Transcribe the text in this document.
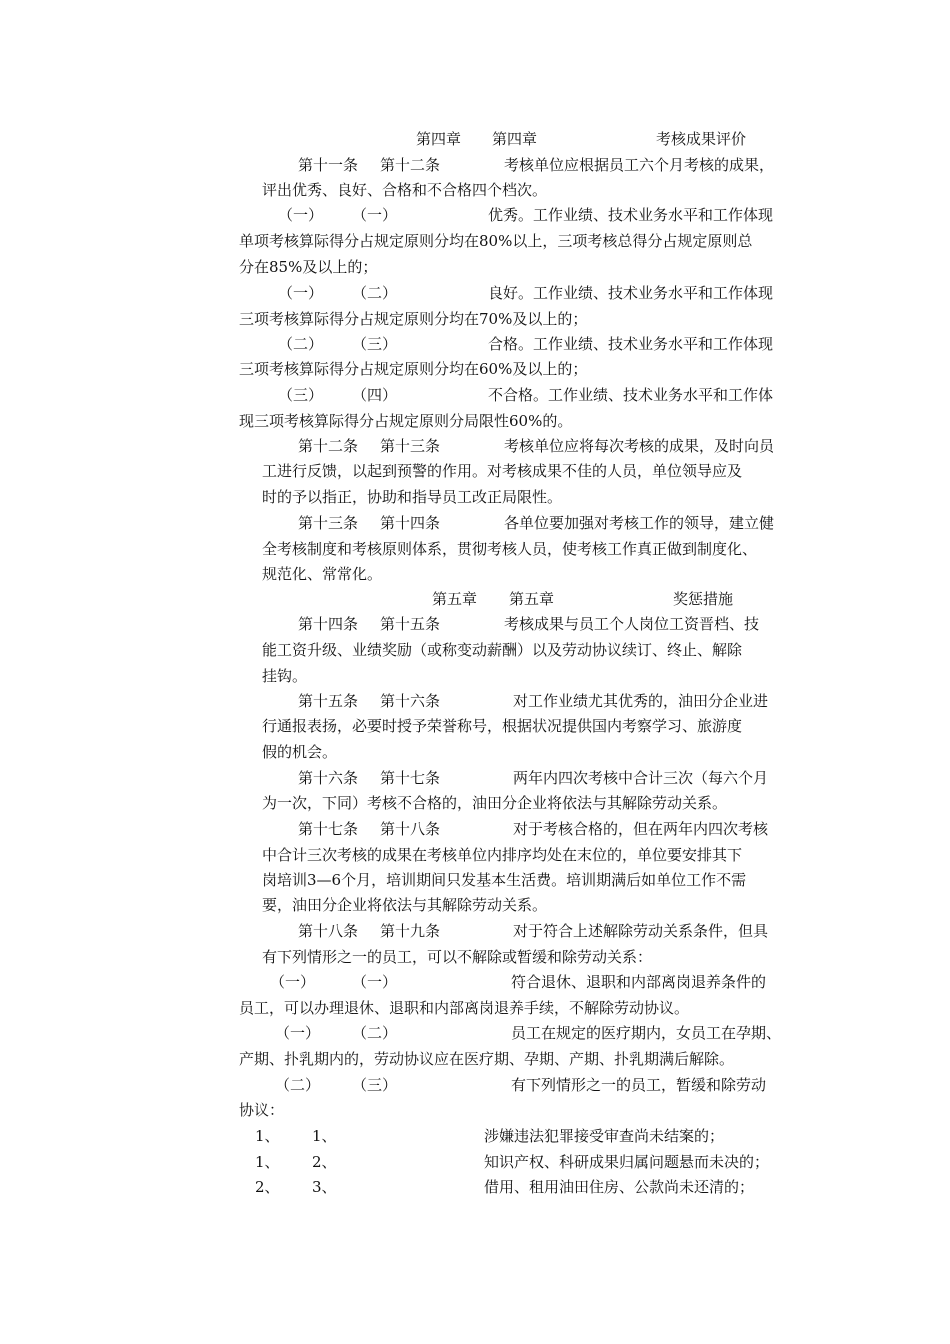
第四章 第四章	考核成果评价
第十一条 第十二条	考核单位应根据员工六个月考核的成果，
评出优秀、良好、合格和不合格四个档次。
（一） （一）	优秀。工作业绩、技术业务水平和工作体现
单项考核算际得分占规定原则分均在80%以上，三项考核总得分占规定原则总
分在85%及以上的；
（一） （二）	良好。工作业绩、技术业务水平和工作体现
三项考核算际得分占规定原则分均在70%及以上的；
（二） （三）	合格。工作业绩、技术业务水平和工作体现
三项考核算际得分占规定原则分均在60%及以上的；
（三） （四）	不合格。工作业绩、技术业务水平和工作体
现三项考核算际得分占规定原则分局限性60%的。
第十二条 第十三条	考核单位应将每次考核的成果，及时向员
工进行反馈，以起到预警的作用。对考核成果不佳的人员，单位领导应及
时的予以指正，协助和指导员工改正局限性。
第十三条 第十四条	各单位要加强对考核工作的领导，建立健
全考核制度和考核原则体系，贯彻考核人员，使考核工作真正做到制度化、
规范化、常常化。
第五章 第五章	奖惩措施
第十四条 第十五条	考核成果与员工个人岗位工资晋档、技
能工资升级、业绩奖励（或称变动薪酬）以及劳动协议续订、终止、解除
挂钩。
第十五条 第十六条	对工作业绩尤其优秀的，油田分企业进
行通报表扬，必要时授予荣誉称号，根据状况提供国内考察学习、旅游度
假的机会。
第十六条 第十七条	两年内四次考核中合计三次（每六个月
为一次，下同）考核不合格的，油田分企业将依法与其解除劳动关系。
第十七条 第十八条	对于考核合格的，但在两年内四次考核
中合计三次考核的成果在考核单位内排序均处在末位的，单位要安排其下
岗培训3—6个月，培训期间只发基本生活费。培训期满后如单位工作不需
要，油田分企业将依法与其解除劳动关系。
第十八条 第十九条	对于符合上述解除劳动关系条件，但具
有下列情形之一的员工，可以不解除或暂缓和除劳动关系：
（一） （一）	符合退休、退职和内部离岗退养条件的
员工，可以办理退休、退职和内部离岗退养手续，不解除劳动协议。
（一） （二）	员工在规定的医疗期内，女员工在孕期、
产期、扑乳期内的，劳动协议应在医疗期、孕期、产期、扑乳期满后解除。
（二） （三）	有下列情形之一的员工，暂缓和除劳动
协议：
1、 1、	涉嫌违法犯罪接受审查尚未结案的；
1、 2、	知识产权、科研成果归属问题悬而未决的；
2、 3、	借用、租用油田住房、公款尚未还清的；
